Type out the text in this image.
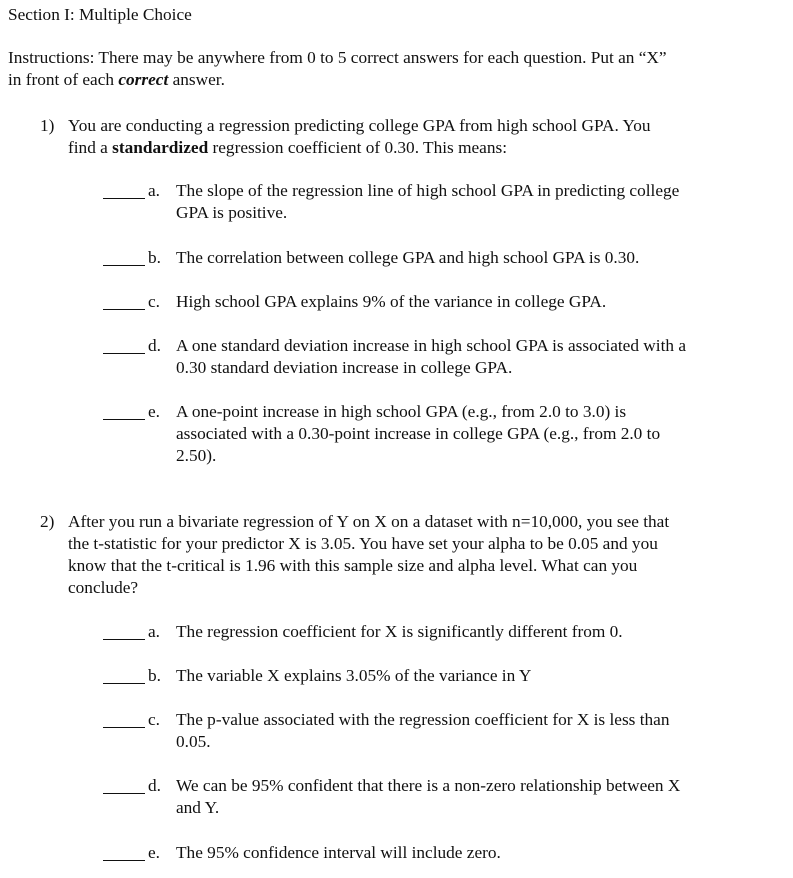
Section I: Multiple Choice
Instructions: There may be anywhere from 0 to 5 correct answers for each question. Put an “X”
in front of each correct answer.
1) You are conducting a regression predicting college GPA from high school GPA. You
find a standardized regression coefficient of 0.30. This means:
a. The slope of the regression line of high school GPA in predicting college
GPA is positive.
b. The correlation between college GPA and high school GPA is 0.30.
c. High school GPA explains 9% of the variance in college GPA.
d. A one standard deviation increase in high school GPA is associated with a
0.30 standard deviation increase in college GPA.
e. A one-point increase in high school GPA (e.g., from 2.0 to 3.0) is
associated with a 0.30-point increase in college GPA (e.g., from 2.0 to
2.50).
2) After you run a bivariate regression of Y on X on a dataset with n=10,000, you see that
the t-statistic for your predictor X is 3.05. You have set your alpha to be 0.05 and you
know that the t-critical is 1.96 with this sample size and alpha level. What can you
conclude?
a. The regression coefficient for X is significantly different from 0.
b. The variable X explains 3.05% of the variance in Y
c. The p-value associated with the regression coefficient for X is less than
0.05.
d. We can be 95% confident that there is a non-zero relationship between X
and Y.
e. The 95% confidence interval will include zero.
